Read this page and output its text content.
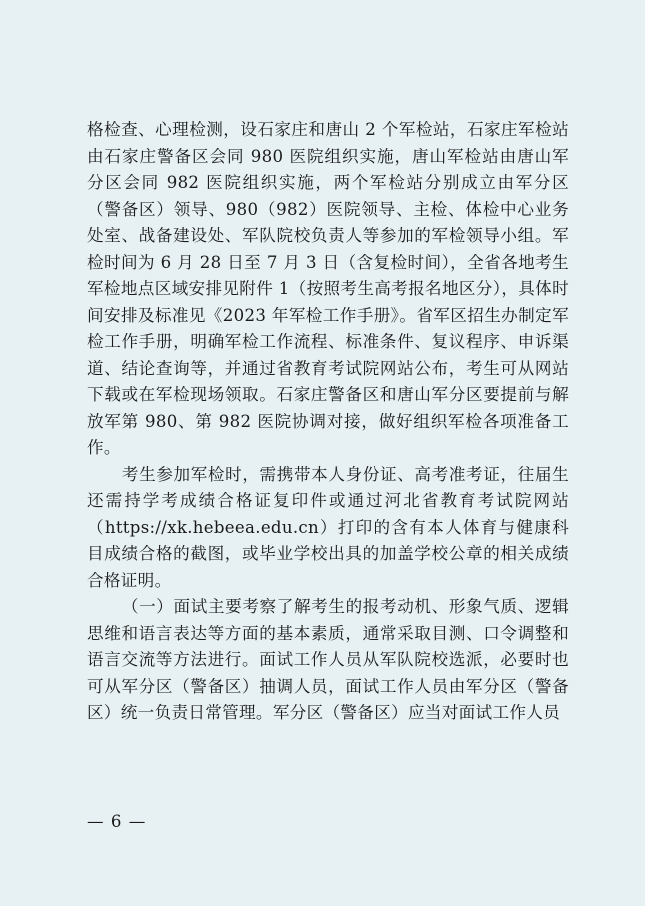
格检查、心理检测，设石家庄和唐山 2 个军检站，石家庄军检站由石家庄警备区会同 980 医院组织实施，唐山军检站由唐山军分区会同 982 医院组织实施，两个军检站分别成立由军分区（警备区）领导、980（982）医院领导、主检、体检中心业务处室、战备建设处、军队院校负责人等参加的军检领导小组。军检时间为 6 月 28 日至 7 月 3 日（含复检时间），全省各地考生军检地点区域安排见附件 1（按照考生高考报名地区分），具体时间安排及标准见《2023 年军检工作手册》。省军区招生办制定军检工作手册，明确军检工作流程、标准条件、复议程序、申诉渠道、结论查询等，并通过省教育考试院网站公布，考生可从网站下载或在军检现场领取。石家庄警备区和唐山军分区要提前与解放军第 980、第 982 医院协调对接，做好组织军检各项准备工作。

考生参加军检时，需携带本人身份证、高考准考证，往届生还需持学考成绩合格证复印件或通过河北省教育考试院网站（https://xk.hebeea.edu.cn）打印的含有本人体育与健康科目成绩合格的截图，或毕业学校出具的加盖学校公章的相关成绩合格证明。

（一）面试主要考察了解考生的报考动机、形象气质、逻辑思维和语言表达等方面的基本素质，通常采取目测、口令调整和语言交流等方法进行。面试工作人员从军队院校选派，必要时也可从军分区（警备区）抽调人员，面试工作人员由军分区（警备区）统一负责日常管理。军分区（警备区）应当对面试工作人员

— 6 —
